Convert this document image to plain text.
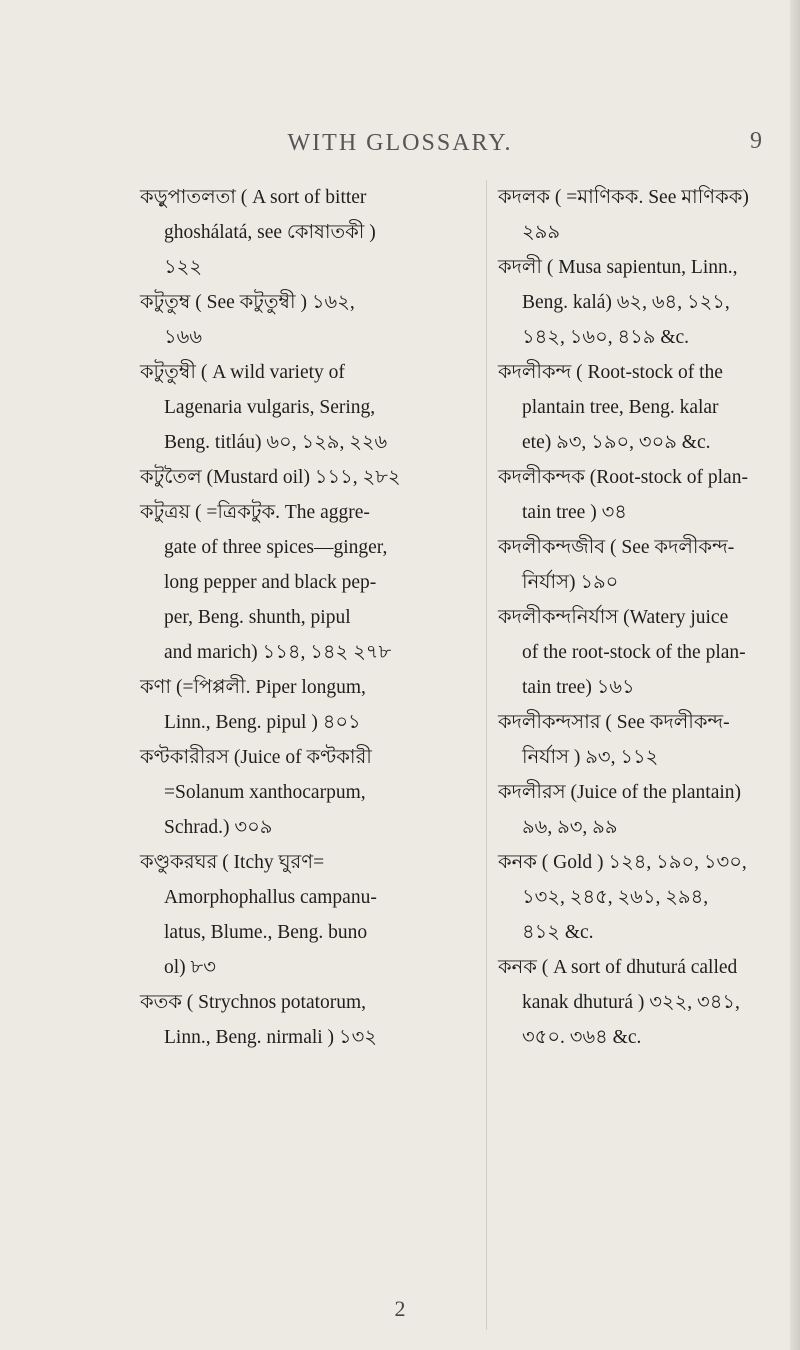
WITH GLOSSARY.	9
কড়ুপাতলতা ( A sort of bitter
ghoshálatá, see কোষাতকী )
১২২
কটুতুম্ব ( See কটুতুম্বী ) ১৬২,
১৬৬
কটুতুম্বী ( A wild variety of
Lagenaria vulgaris, Sering,
Beng. titláu) ৬০, ১২৯, ২২৬
কটুতৈল (Mustard oil) ১১১, ২৮২
কটুত্রয় ( =ত্রিকটুক. The aggre-
gate of three spices—ginger,
long pepper and black pep-
per, Beng. shunth, pipul
and marich) ১১৪, ১৪২ ২৭৮
কণা (=পিপ্পলী. Piper longum,
Linn., Beng. pipul ) ৪০১
কণ্টকারীরস (Juice of কণ্টকারী
=Solanum xanthocarpum,
Schrad.) ৩০৯
কণ্ডুকরঘর ( Itchy ঘুরণ=
Amorphophallus campanu-
latus, Blume., Beng. buno
ol) ৮৩
কতক ( Strychnos potatorum,
Linn., Beng. nirmali ) ১৩২
কদলক ( =মাণিকক. See মাণিকক)
২৯৯
কদলী ( Musa sapientun, Linn.,
Beng. kalá) ৬২, ৬৪, ১২১,
১৪২, ১৬০, ৪১৯ &c.
কদলীকন্দ ( Root-stock of the
plantain tree, Beng. kalar
ete) ৯৩, ১৯০, ৩০৯ &c.
কদলীকন্দক (Root-stock of plan-
tain tree ) ৩৪
কদলীকন্দজীব ( See কদলীকন্দ-
নির্যাস) ১৯০
কদলীকন্দনির্যাস (Watery juice
of the root-stock of the plan-
tain tree) ১৬১
কদলীকন্দসার ( See কদলীকন্দ-
নির্যাস ) ৯৩, ১১২
কদলীরস (Juice of the plantain)
৯৬, ৯৩, ৯৯
কনক ( Gold ) ১২৪, ১৯০, ১৩০,
১৩২, ২৪৫, ২৬১, ২৯৪,
৪১২ &c.
কনক ( A sort of dhuturá called
kanak dhuturá ) ৩২২, ৩৪১,
৩৫০. ৩৬৪ &c.
2
